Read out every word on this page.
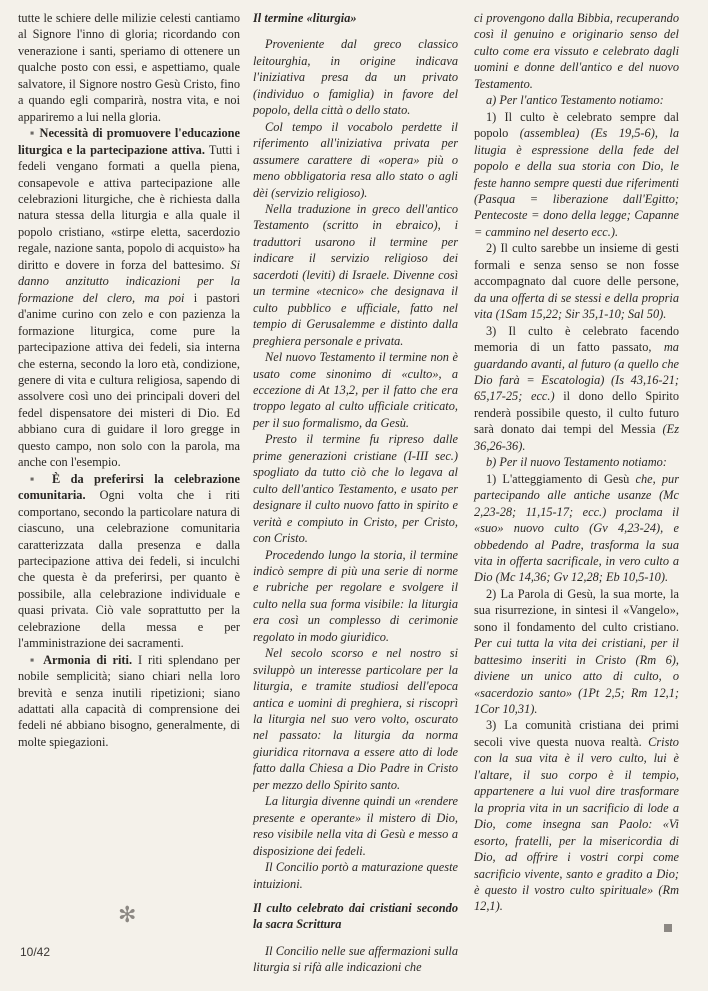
tutte le schiere delle milizie celesti cantiamo al Signore l'inno di gloria; ricordando con venerazione i santi, speriamo di ottenere un qualche posto con essi, e aspettiamo, quale salvatore, il Signore nostro Gesù Cristo, fino a quando egli comparirà, nostra vita, e noi appariremo a lui nella gloria.

▪ Necessità di promuovere l'educazione liturgica e la partecipazione attiva. Tutti i fedeli vengano formati a quella piena, consapevole e attiva partecipazione alle celebrazioni liturgiche, che è richiesta dalla natura stessa della liturgia e alla quale il popolo cristiano, «stirpe eletta, sacerdozio regale, nazione santa, popolo di acquisto» ha diritto e dovere in forza del battesimo. Si danno anzitutto indicazioni per la formazione del clero, ma poi i pastori d'anime curino con zelo e con pazienza la formazione liturgica, come pure la partecipazione attiva dei fedeli, sia interna che esterna, secondo la loro età, condizione, genere di vita e cultura religiosa, sapendo di assolvere così uno dei principali doveri del fedel dispensatore dei misteri di Dio. Ed abbiano cura di guidare il loro gregge in questo campo, non solo con la parola, ma anche con l'esempio.

▪ È da preferirsi la celebrazione comunitaria. Ogni volta che i riti comportano, secondo la particolare natura di ciascuno, una celebrazione comunitaria caratterizzata dalla presenza e dalla partecipazione attiva dei fedeli, si inculchi che questa è da preferirsi, per quanto è possibile, alla celebrazione individuale e quasi privata. Ciò vale soprattutto per la celebrazione della messa e per l'amministrazione dei sacramenti.

▪ Armonia di riti. I riti splendano per nobile semplicità; siano chiari nella loro brevità e senza inutili ripetizioni; siano adattati alla capacità di comprensione dei fedeli né abbiano bisogno, generalmente, di molte spiegazioni.

✻

Il termine «liturgia»

Proveniente dal greco classico leitourghia, in origine indicava l'iniziativa presa da un privato (individuo o famiglia) in favore del popolo, della città o dello stato.

Col tempo il vocabolo perdette il riferimento all'iniziativa privata per assumere carattere di «opera» più o meno obbligatoria resa allo stato o agli dèi (servizio religioso).

Nella traduzione in greco dell'antico Testamento (scritto in ebraico), i traduttori usarono il termine per indicare il servizio religioso dei sacerdoti (leviti) di Israele. Divenne così un termine «tecnico» che designava il culto pubblico e ufficiale, fatto nel tempio di Gerusalemme e distinto dalla preghiera personale e privata.

Nel nuovo Testamento il termine non è usato come sinonimo di «culto», a eccezione di At 13,2, per il fatto che era troppo legato al culto ufficiale criticato, per il suo formalismo, da Gesù.

Presto il termine fu ripreso dalle prime generazioni cristiane (I-III sec.) spogliato da tutto ciò che lo legava al culto dell'antico Testamento, e usato per designare il culto nuovo fatto in spirito e verità e compiuto in Cristo, per Cristo, con Cristo.

Procedendo lungo la storia, il termine indicò sempre di più una serie di norme e rubriche per regolare e svolgere il culto nella sua forma visibile: la liturgia era così un complesso di cerimonie regolato in modo giuridico.

Nel secolo scorso e nel nostro si sviluppò un interesse particolare per la liturgia, e tramite studiosi dell'epoca antica e uomini di preghiera, si riscoprì la liturgia nel suo vero volto, oscurato nel passato: la liturgia da norma giuridica ritornava a essere atto di lode fatto dalla Chiesa a Dio Padre in Cristo per mezzo dello Spirito santo.

La liturgia divenne quindi un «rendere presente e operante» il mistero di Dio, reso visibile nella vita di Gesù e messo a disposizione dei fedeli.

Il Concilio portò a maturazione queste intuizioni.

Il culto celebrato dai cristiani secondo la sacra Scrittura

Il Concilio nelle sue affermazioni sulla liturgia si rifà alle indicazioni che

ci provengono dalla Bibbia, recuperando così il genuino e originario senso del culto come era vissuto e celebrato dagli uomini e donne dell'antico e del nuovo Testamento.

a) Per l'antico Testamento notiamo:

1) Il culto è celebrato sempre dal popolo (assemblea) (Es 19,5-6), la litugia è espressione della fede del popolo e della sua storia con Dio, le feste hanno sempre questi due riferimenti (Pasqua = liberazione dall'Egitto; Pentecoste = dono della legge; Capanne = cammino nel deserto ecc.).

2) Il culto sarebbe un insieme di gesti formali e senza senso se non fosse accompagnato dal cuore delle persone, da una offerta di se stessi e della propria vita (1Sam 15,22; Sir 35,1-10; Sal 50).

3) Il culto è celebrato facendo memoria di un fatto passato, ma guardando avanti, al futuro (a quello che Dio farà = Escatologia) (Is 43,16-21; 65,17-25; ecc.) il dono dello Spirito renderà possibile questo, il culto futuro sarà donato dai tempi del Messia (Ez 36,26-36).

b) Per il nuovo Testamento notiamo:

1) L'atteggiamento di Gesù che, pur partecipando alle antiche usanze (Mc 2,23-28; 11,15-17; ecc.) proclama il «suo» nuovo culto (Gv 4,23-24), e obbedendo al Padre, trasforma la sua vita in offerta sacrificale, in vero culto a Dio (Mc 14,36; Gv 12,28; Eb 10,5-10).

2) La Parola di Gesù, la sua morte, la sua risurrezione, in sintesi il «Vangelo», sono il fondamento del culto cristiano. Per cui tutta la vita dei cristiani, per il battesimo inseriti in Cristo (Rm 6), diviene un unico atto di culto, o «sacerdozio santo» (1Pt 2,5; Rm 12,1; 1Cor 10,31).

3) La comunità cristiana dei primi secoli vive questa nuova realtà. Cristo con la sua vita è il vero culto, lui è l'altare, il suo corpo è il tempio, appartenere a lui vuol dire trasformare la propria vita in un sacrificio di lode a Dio, come insegna san Paolo: «Vi esorto, fratelli, per la misericordia di Dio, ad offrire i vostri corpi come sacrificio vivente, santo e gradito a Dio; è questo il vostro culto spirituale» (Rm 12,1).

10/42
